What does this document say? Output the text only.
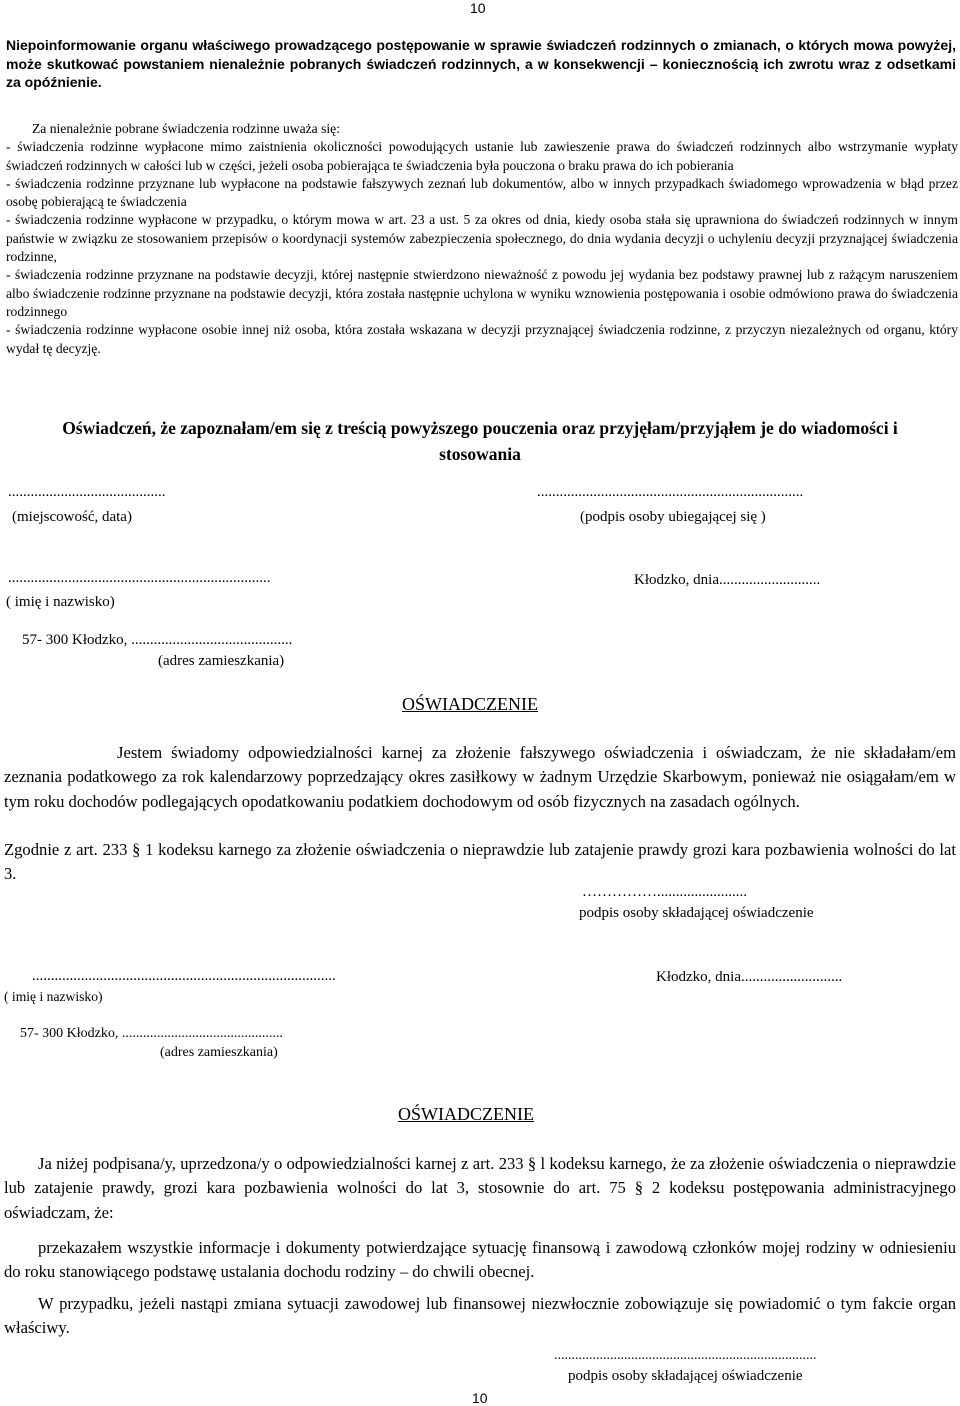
10
Niepoinformowanie organu właściwego prowadzącego postępowanie w sprawie świadczeń rodzinnych o zmianach, o których mowa powyżej, może skutkować powstaniem nienależnie pobranych świadczeń rodzinnych, a w konsekwencji – koniecznością ich zwrotu wraz z odsetkami za opóźnienie.

Za nienależnie pobrane świadczenia rodzinne uważa się:

- świadczenia rodzinne wypłacone mimo zaistnienia okoliczności powodujących ustanie lub zawieszenie prawa do świadczeń rodzinnych albo wstrzymanie wypłaty świadczeń rodzinnych w całości lub w części, jeżeli osoba pobierająca te świadczenia była pouczona o braku prawa do ich pobierania

- świadczenia rodzinne przyznane lub wypłacone na podstawie fałszywych zeznań lub dokumentów, albo w innych przypadkach świadomego wprowadzenia w błąd przez osobę pobierającą te świadczenia

- świadczenia rodzinne wypłacone w przypadku, o którym mowa w art. 23 a ust. 5 za okres od dnia, kiedy osoba stała się uprawniona do świadczeń rodzinnych w innym państwie w związku ze stosowaniem przepisów o koordynacji systemów zabezpieczenia społecznego, do dnia wydania decyzji o uchyleniu decyzji przyznającej świadczenia rodzinne,

- świadczenia rodzinne przyznane na podstawie decyzji, której następnie stwierdzono nieważność z powodu jej wydania bez podstawy prawnej lub z rażącym naruszeniem albo świadczenie rodzinne przyznane na podstawie decyzji, która została następnie uchylona w wyniku wznowienia postępowania i osobie odmówiono prawa do świadczenia rodzinnego

- świadczenia rodzinne wypłacone osobie innej niż osoba, która została wskazana w decyzji przyznającej świadczenia rodzinne, z przyczyn niezależnych od organu, który wydał tę decyzję.

Oświadczeń, że zapoznałam/em się z treścią powyższego pouczenia oraz przyjęłam/przyjąłem je do wiadomości i stosowania
..........................................
(miejscowość, data)
.......................................................................
(podpis osoby ubiegającej się )
......................................................................
( imię i nazwisko)
Kłodzko, dnia...........................
57- 300 Kłodzko, ...........................................
(adres zamieszkania)
OŚWIADCZENIE
Jestem świadomy odpowiedzialności karnej za złożenie fałszywego oświadczenia i oświadczam, że nie składałam/em zeznania podatkowego za rok kalendarzowy poprzedzający okres zasiłkowy w żadnym Urzędzie Skarbowym, ponieważ nie osiągałam/em w tym roku dochodów podlegających opodatkowaniu podatkiem dochodowym od osób fizycznych na zasadach ogólnych.
Zgodnie z art. 233 § 1 kodeksu karnego za złożenie oświadczenia o nieprawdzie lub zatajenie prawdy grozi kara pozbawienia wolności do lat 3.
……………........................
podpis osoby składającej oświadczenie
.................................................................................
( imię i nazwisko)
Kłodzko, dnia...........................
57- 300 Kłodzko, ..............................................
(adres zamieszkania)
OŚWIADCZENIE
Ja niżej podpisana/y, uprzedzona/y o odpowiedzialności karnej z art. 233 § l kodeksu karnego, że za złożenie oświadczenia o nieprawdzie lub zatajenie prawdy, grozi kara pozbawienia wolności do lat 3, stosownie do art. 75 § 2 kodeksu postępowania administracyjnego oświadczam, że:
przekazałem wszystkie informacje i dokumenty potwierdzające sytuację finansową i zawodową członków mojej rodziny w odniesieniu do roku stanowiącego podstawę ustalania dochodu rodziny – do chwili obecnej.
W przypadku, jeżeli nastąpi zmiana sytuacji zawodowej lub finansowej niezwłocznie zobowiązuje się powiadomić o tym fakcie organ właściwy.
...........................................................................
podpis osoby składającej oświadczenie
10
